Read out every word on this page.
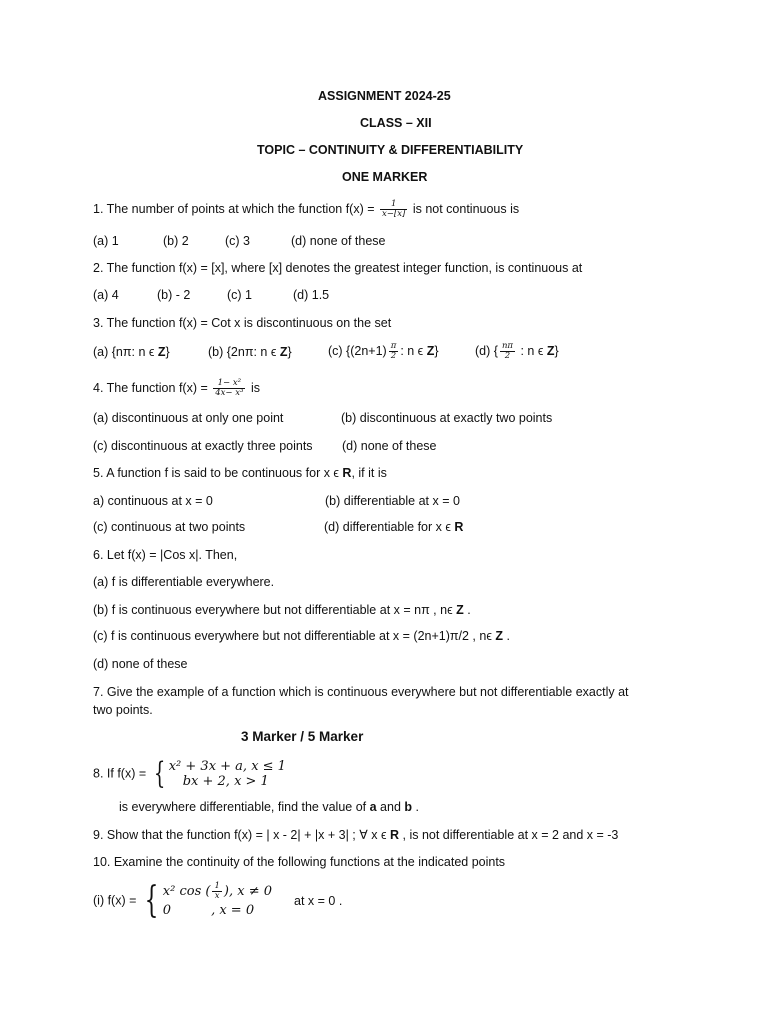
ASSIGNMENT 2024-25
CLASS – XII
TOPIC – CONTINUITY & DIFFERENTIABILITY
ONE MARKER
1. The number of points at which the function $f(x) = \frac{1}{x-[x]}$ is not continuous is
(a) 1	(b) 2	(c) 3	(d) none of these
2. The function f(x) = [x], where [x] denotes the greatest integer function, is continuous at
(a) 4	(b) - 2	(c) 1	(d) 1.5
3. The function f(x) = Cot x is discontinuous on the set
(a) {nπ: n ϵ Z}	(b) {2nπ: n ϵ Z}	(c) {$(2n+1) \frac{\pi}{2}$ : n ϵ Z}	(d) { $\frac{n\pi}{2}$ : n ϵ Z}
4. The function $f(x) = \frac{\text{1− x²}}{\text{4x− x³}}$ is
(a) discontinuous at only one point	(b) discontinuous at exactly two points
(c) discontinuous at exactly three points (d) none of these
5. A function f is said to be continuous for x ϵ R, if it is
a) continuous at x = 0	(b) differentiable at x = 0
(c) continuous at two points	(d) differentiable for x ϵ R
6. Let f(x) = |Cos x|. Then,
(a) f is differentiable everywhere.
(b) f is continuous everywhere but not differentiable at x = nπ , nϵ Z .
(c) f is continuous everywhere but not differentiable at x = (2n+1)π/2 , nϵ Z .
(d) none of these
7. Give the example of a function which is continuous everywhere but not differentiable exactly at
two points.
3 Marker / 5 Marker
8. If f(x) = { x² + 3x + a, x ≤ 1
bx + 2, x > 1
is everywhere differentiable, find the value of a and b .
9. Show that the function f(x) = | x - 2| + |x + 3| ; ∀ x ϵ R , is not differentiable at x = 2 and x = -3
10. Examine the continuity of the following functions at the indicated points
(i) f(x) = { x² cos ( $\frac{1}{x}$ ), x ≠ 0
0	, x = 0
at x = 0 .
